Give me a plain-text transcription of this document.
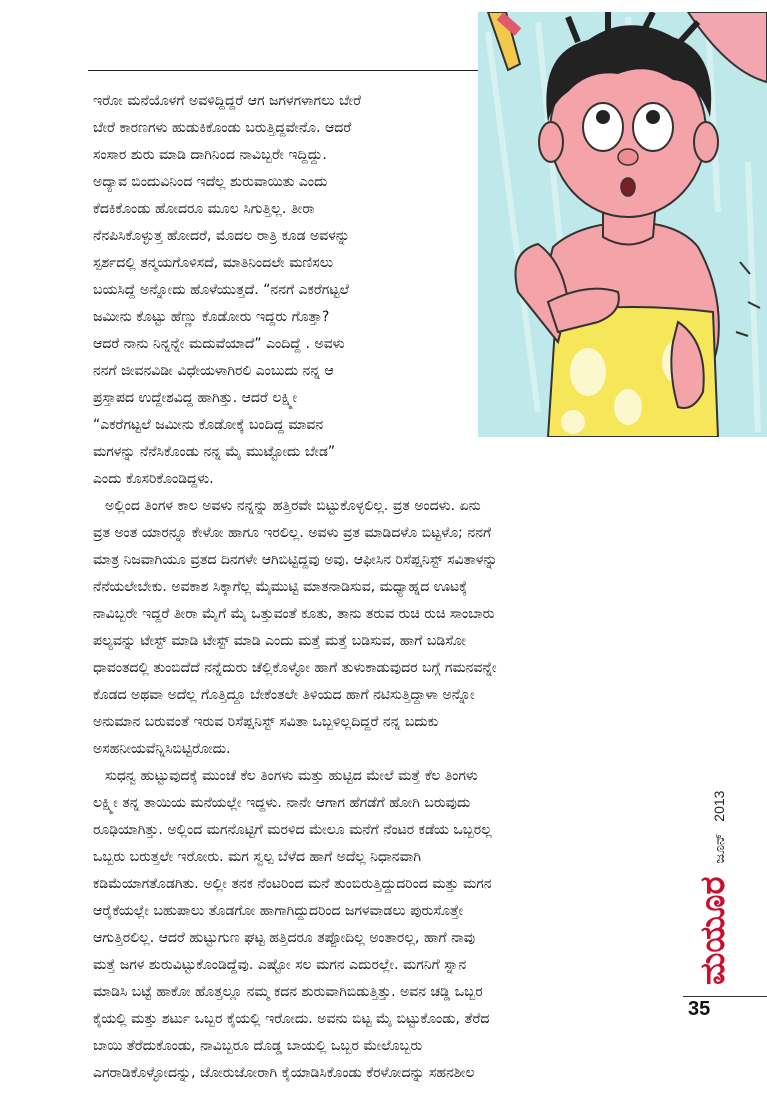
ಇರೋ ಮನೆಯೊಳಗೆ ಅವಳಿದ್ದಿದ್ದರೆ ಆಗ ಜಗಳಗಳಾಗಲು ಬೇರೆ
ಬೇರೆ ಕಾರಣಗಳು ಹುಡುಕಿಕೊಂಡು ಬರುತ್ತಿದ್ದವೇನೊ. ಆದರೆ
ಸಂಸಾರ ಶುರು ಮಾಡಿ ದಾಗಿನಿಂದ ನಾವಿಬ್ಬರೇ ಇದ್ದಿದ್ದು.
ಅದ್ಯಾವ ಬಿಂದುವಿನಿಂದ ಇದೆಲ್ಲ ಶುರುವಾಯಿತು ಎಂದು
ಕೆದಕಿಕೊಂಡು ಹೋದರೂ ಮೂಲ ಸಿಗುತ್ತಿಲ್ಲ. ತೀರಾ
ನೆನಪಿಸಿಕೊಳ್ಳುತ್ತ ಹೋದರೆ, ಮೊದಲ ರಾತ್ರಿ ಕೂಡ ಅವಳನ್ನು
ಸ್ಪರ್ಶದಲ್ಲಿ ತನ್ಮಯಗೊಳಿಸದೆ, ಮಾತಿನಿಂದಲೇ ಮಣಿಸಲು
ಬಯಸಿದ್ದೆ ಅನ್ನೋದು ಹೊಳೆಯುತ್ತದೆ. “ನನಗೆ ಎಕರೆಗಟ್ಟಲೆ
ಜಮೀನು ಕೊಟ್ಟು ಹೆಣ್ಣು ಕೊಡೋರು ಇದ್ದರು ಗೊತ್ತಾ?
ಆದರೆ ನಾನು ನಿನ್ನನ್ನೇ ಮದುವೆಯಾದೆ” ಎಂದಿದ್ದೆ . ಅವಳು
ನನಗೆ ಜೀವನವಿಡೀ ವಿಧೇಯಳಾಗಿರಲಿ ಎಂಬುದು ನನ್ನ ಆ
ಪ್ರಸ್ತಾಪದ ಉದ್ದೇಶವಿದ್ದ ಹಾಗಿತ್ತು. ಆದರೆ ಲಕ್ಷ್ಮೀ
“ಎಕರೆಗಟ್ಟಲೆ ಜಮೀನು ಕೊಡೋಕ್ಕೆ ಬಂದಿದ್ದ ಮಾವನ
ಮಗಳನ್ನು ನೆನೆಸಿಕೊಂಡು ನನ್ನ ಮೈ ಮುಟ್ಟೋದು ಬೇಡ”
ಎಂದು ಕೊಸರಿಕೊಂಡಿದ್ದಳು.
ಅಲ್ಲಿಂದ ತಿಂಗಳ ಕಾಲ ಅವಳು ನನ್ನನ್ನು ಹತ್ತಿರವೇ ಬಿಟ್ಟುಕೊಳ್ಳಲಿಲ್ಲ. ವ್ರತ ಅಂದಳು. ಏನು
ವ್ರತ ಅಂತ ಯಾರನ್ನೂ ಕೇಳೋ ಹಾಗೂ ಇರಲಿಲ್ಲ. ಅವಳು ವ್ರತ ಮಾಡಿದಳೊ ಬಿಟ್ಟಳೊ; ನನಗೆ
ಮಾತ್ರ ನಿಜವಾಗಿಯೂ ವ್ರತದ ದಿನಗಳೇ ಆಗಿಬಿಟ್ಟಿದ್ದವು ಅವು. ಆಫೀಸಿನ ರಿಸೆಪ್ಷನಿಸ್ಟ್ ಸವಿತಾಳನ್ನು
ನೆನೆಯಲೇಬೇಕು. ಅವಕಾಶ ಸಿಕ್ಕಾಗೆಲ್ಲ ಮೈಮುಟ್ಟಿ ಮಾತನಾಡಿಸುವ, ಮಧ್ಯಾಹ್ನದ ಊಟಕ್ಕೆ
ನಾವಿಬ್ಬರೇ ಇದ್ದರೆ ತೀರಾ ಮೈಗೆ ಮೈ ಒತ್ತುವಂತೆ ಕೂತು, ತಾನು ತರುವ ರುಚಿ ರುಚಿ ಸಾಂಬಾರು
ಪಲ್ಯವನ್ನು ಟೇಸ್ಟ್ ಮಾಡಿ ಟೇಸ್ಟ್ ಮಾಡಿ ಎಂದು ಮತ್ತೆ ಮತ್ತೆ ಬಡಿಸುವ, ಹಾಗೆ ಬಡಿಸೋ
ಧಾವಂತದಲ್ಲಿ ತುಂಬಿದೆದೆ ನನ್ನೆದುರು ಚೆಲ್ಲಿಕೊಳ್ಳೋ ಹಾಗೆ ತುಳುಕಾಡುವುದರ ಬಗ್ಗೆ ಗಮನವನ್ನೇ
ಕೊಡದ ಅಥವಾ ಅದೆಲ್ಲ ಗೊತ್ತಿದ್ದೂ ಬೇಕೆಂತಲೇ ತಿಳಿಯದ ಹಾಗೆ ನಟಿಸುತ್ತಿದ್ದಾಳಾ ಅನ್ನೋ
ಅನುಮಾನ ಬರುವಂತೆ ಇರುವ ರಿಸೆಪ್ಷನಿಸ್ಟ್ ಸವಿತಾ ಒಬ್ಬಳಿಲ್ಲದಿದ್ದರೆ ನನ್ನ ಬದುಕು
ಅಸಹನೀಯವೆನ್ನಿಸಿಬಿಟ್ಟಿರೋದು.
ಸುಧನ್ವ ಹುಟ್ಟುವುದಕ್ಕೆ ಮುಂಚೆ ಕೆಲ ತಿಂಗಳು ಮತ್ತು ಹುಟ್ಟಿದ ಮೇಲೆ ಮತ್ತೆ ಕೆಲ ತಿಂಗಳು
ಲಕ್ಷ್ಮೀ ತನ್ನ ತಾಯಿಯ ಮನೆಯಲ್ಲೇ ಇದ್ದಳು. ನಾನೇ ಆಗಾಗ ಹೆಗಡೆಗೆ ಹೋಗಿ ಬರುವುದು
ರೂಢಿಯಾಗಿತ್ತು. ಅಲ್ಲಿಂದ ಮಗನೊಟ್ಟಿಗೆ ಮರಳಿದ ಮೇಲೂ ಮನೆಗೆ ನೆಂಟರ ಕಡೆಯ ಒಬ್ಬರಲ್ಲ
ಒಬ್ಬರು ಬರುತ್ತಲೇ ಇರೋರು. ಮಗ ಸ್ವಲ್ಪ ಬೆಳೆದ ಹಾಗೆ ಅದೆಲ್ಲ ನಿಧಾನವಾಗಿ
ಕಡಿಮೆಯಾಗತೊಡಗಿತು. ಅಲ್ಲೀ ತನಕ ನೆಂಟರಿಂದ ಮನೆ ತುಂಬಿರುತ್ತಿದ್ದುದರಿಂದ ಮತ್ತು ಮಗನ
ಆರೈಕೆಯಲ್ಲೇ ಬಹುಪಾಲು ತೊಡಗೋ ಹಾಗಾಗಿದ್ದುದರಿಂದ ಜಗಳವಾಡಲು ಪುರುಸೊತ್ತೇ
ಆಗುತ್ತಿರಲಿಲ್ಲ. ಆದರೆ ಹುಟ್ಟುಗುಣ ಘಟ್ಟ ಹತ್ತಿದರೂ ತಪ್ಪೋದಿಲ್ಲ ಅಂತಾರಲ್ಲ, ಹಾಗೆ ನಾವು
ಮತ್ತೆ ಜಗಳ ಶುರುವಿಟ್ಟುಕೊಂಡಿದ್ದೆವು. ಎಷ್ಟೋ ಸಲ ಮಗನ ಎದುರಲ್ಲೇ. ಮಗನಿಗೆ ಸ್ನಾನ
ಮಾಡಿಸಿ ಬಟ್ಟೆ ಹಾಕೋ ಹೊತ್ತಲ್ಲೂ ನಮ್ಮ ಕದನ ಶುರುವಾಗಿಬಿಡುತ್ತಿತ್ತು. ಅವನ ಚಡ್ಡಿ ಒಬ್ಬರ
ಕೈಯಲ್ಲಿ ಮತ್ತು ಶರ್ಟು ಒಬ್ಬರ ಕೈಯಲ್ಲಿ ಇರೋದು. ಅವನು ಬಿಟ್ಟ ಮೈ ಬಿಟ್ಟುಕೊಂಡು, ತೆರೆದ
ಬಾಯಿ ತೆರೆದುಕೊಂಡು, ನಾವಿಬ್ಬರೂ ದೊಡ್ಡ ಬಾಯಲ್ಲಿ ಒಬ್ಬರ ಮೇಲೊಬ್ಬರು
ಎಗರಾಡಿಕೊಳ್ಳೋದನ್ನು, ಜೋರುಜೋರಾಗಿ ಕೈಯಾಡಿಸಿಕೊಂಡು ಕೆರಳೋದನ್ನು ಸಹನಶೀಲ
ಮಯೂರ ಜೂನ್ 2013
35
